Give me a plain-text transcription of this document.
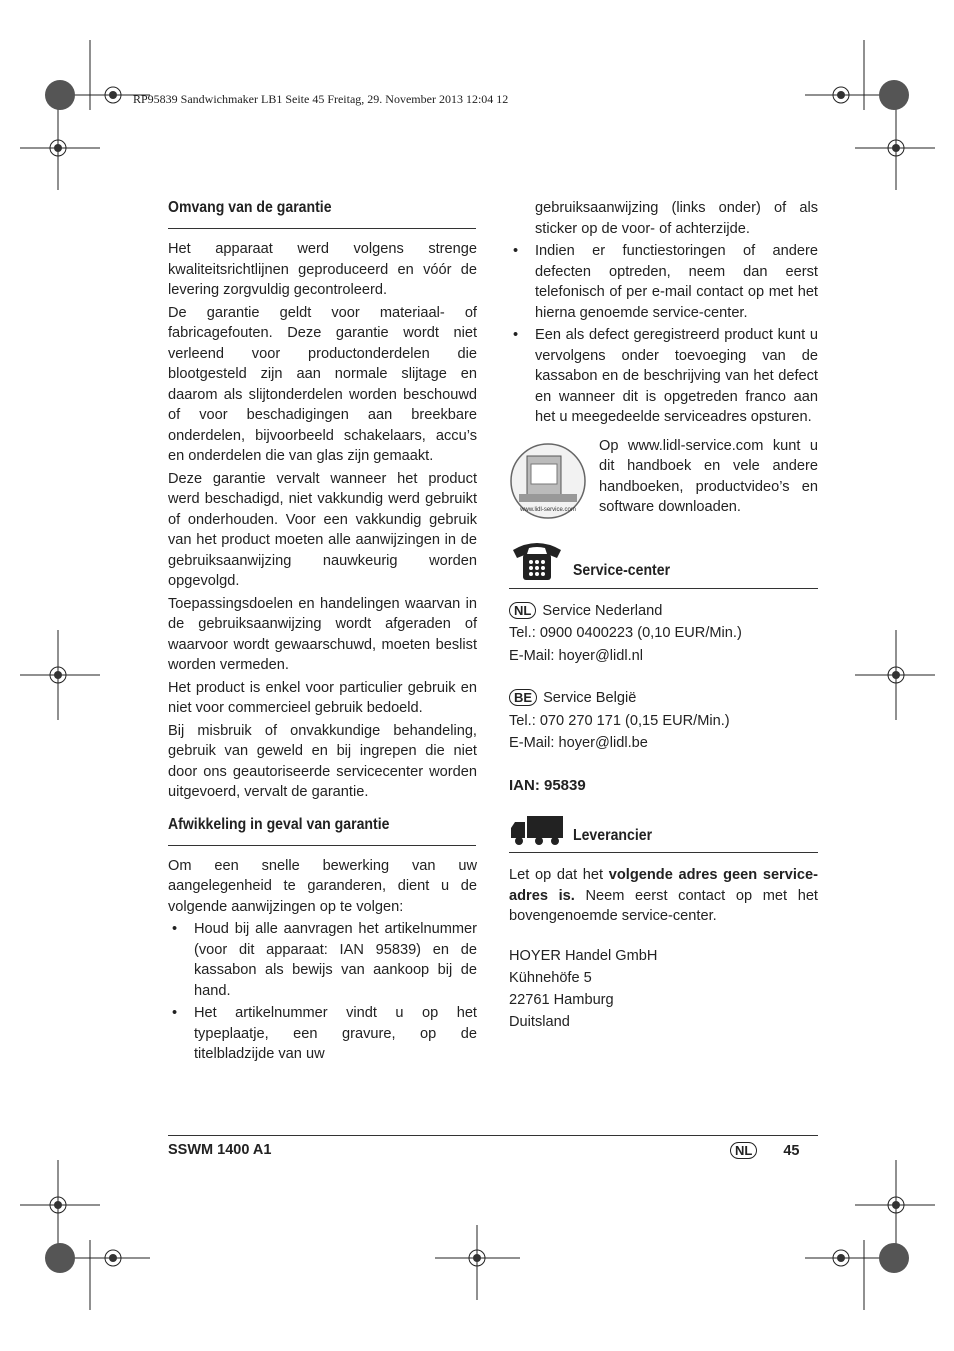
RP95839 Sandwichmaker LB1 Seite 45 Freitag, 29. November 2013 12:04 12
Omvang van de garantie

Het apparaat werd volgens strenge kwaliteitsrichtlijnen geproduceerd en vóór de levering zorgvuldig gecontroleerd.

De garantie geldt voor materiaal- of fabricagefouten. Deze garantie wordt niet verleend voor productonderdelen die blootgesteld zijn aan normale slijtage en daarom als slijtonderdelen worden beschouwd of voor beschadigingen aan breekbare onderdelen, bijvoorbeeld schakelaars, accu’s en onderdelen die van glas zijn gemaakt.

Deze garantie vervalt wanneer het product werd beschadigd, niet vakkundig werd gebruikt of onderhouden. Voor een vakkundig gebruik van het product moeten alle aanwijzingen in de gebruiksaanwijzing nauwkeurig worden opgevolgd.

Toepassingsdoelen en handelingen waarvan in de gebruiksaanwijzing wordt afgeraden of waarvoor wordt gewaarschuwd, moeten beslist worden vermeden.

Het product is enkel voor particulier gebruik en niet voor commercieel gebruik bedoeld.

Bij misbruik of onvakkundige behandeling, gebruik van geweld en bij ingrepen die niet door ons geautoriseerde servicecenter worden uitgevoerd, vervalt de garantie.

Afwikkeling in geval van garantie

Om een snelle bewerking van uw aangelegenheid te garanderen, dient u de volgende aanwijzingen op te volgen:

• Houd bij alle aanvragen het artikelnummer (voor dit apparaat: IAN 95839) en de kassabon als bewijs van aankoop bij de hand.
• Het artikelnummer vindt u op het typeplaatje, een gravure, op de titelbladzijde van uw
gebruiksaanwijzing (links onder) of als sticker op de voor- of achterzijde.
• Indien er functiestoringen of andere defecten optreden, neem dan eerst telefonisch of per e-mail contact op met het hierna genoemde service-center.
• Een als defect geregistreerd product kunt u vervolgens onder toevoeging van de kassabon en de beschrijving van het defect en wanneer dit is opgetreden franco aan het u meegedeelde serviceadres opsturen.
www.lidl-service.com

Op www.lidl-service.com kunt u dit handboek en vele andere handboeken, productvideo’s en software downloaden.

Service-center
NL Service Nederland
Tel.: 0900 0400223 (0,10 EUR/Min.)
E-Mail: hoyer@lidl.nl
BE Service België
Tel.: 070 270 171 (0,15 EUR/Min.)
E-Mail: hoyer@lidl.be
IAN: 95839
Leverancier

Let op dat het volgende adres geen service-adres is. Neem eerst contact op met het bovengenoemde service-center.

HOYER Handel GmbH
Kühnehöfe 5
22761 Hamburg
Duitsland
SSWM 1400 A1	NL	45
